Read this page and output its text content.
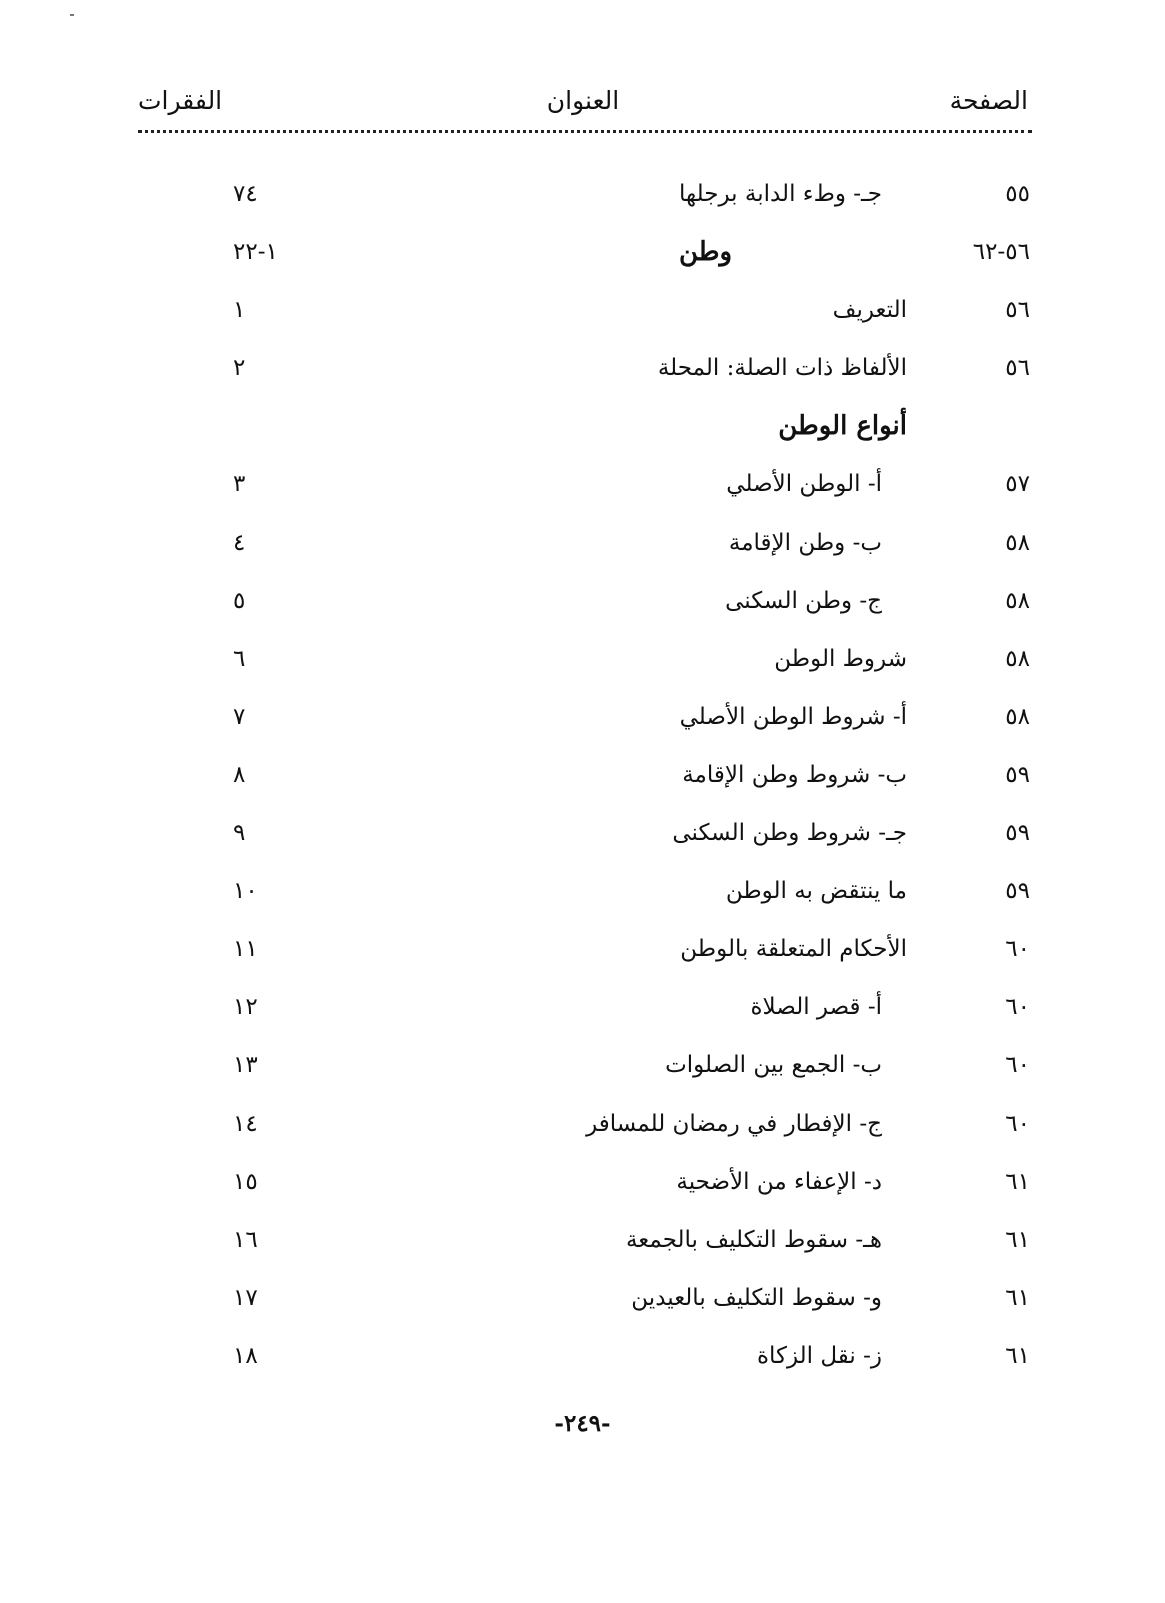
الصفحة
العنوان
الفقرات
٥٥
جـ- وطء الدابة برجلها
٧٤
٥٦-٦٢
وطن
١-٢٢
٥٦
التعريف
١
٥٦
الألفاظ ذات الصلة: المحلة
٢
أنواع الوطن
٥٧
أ- الوطن الأصلي
٣
٥٨
ب- وطن الإقامة
٤
٥٨
ج- وطن السكنى
٥
٥٨
شروط الوطن
٦
٥٨
أ- شروط الوطن الأصلي
٧
٥٩
ب- شروط وطن الإقامة
٨
٥٩
جـ- شروط وطن السكنى
٩
٥٩
ما ينتقض به الوطن
١٠
٦٠
الأحكام المتعلقة بالوطن
١١
٦٠
أ- قصر الصلاة
١٢
٦٠
ب- الجمع بين الصلوات
١٣
٦٠
ج- الإفطار في رمضان للمسافر
١٤
٦١
د- الإعفاء من الأضحية
١٥
٦١
هـ- سقوط التكليف بالجمعة
١٦
٦١
و- سقوط التكليف بالعيدين
١٧
٦١
ز- نقل الزكاة
١٨
-٢٤٩-
